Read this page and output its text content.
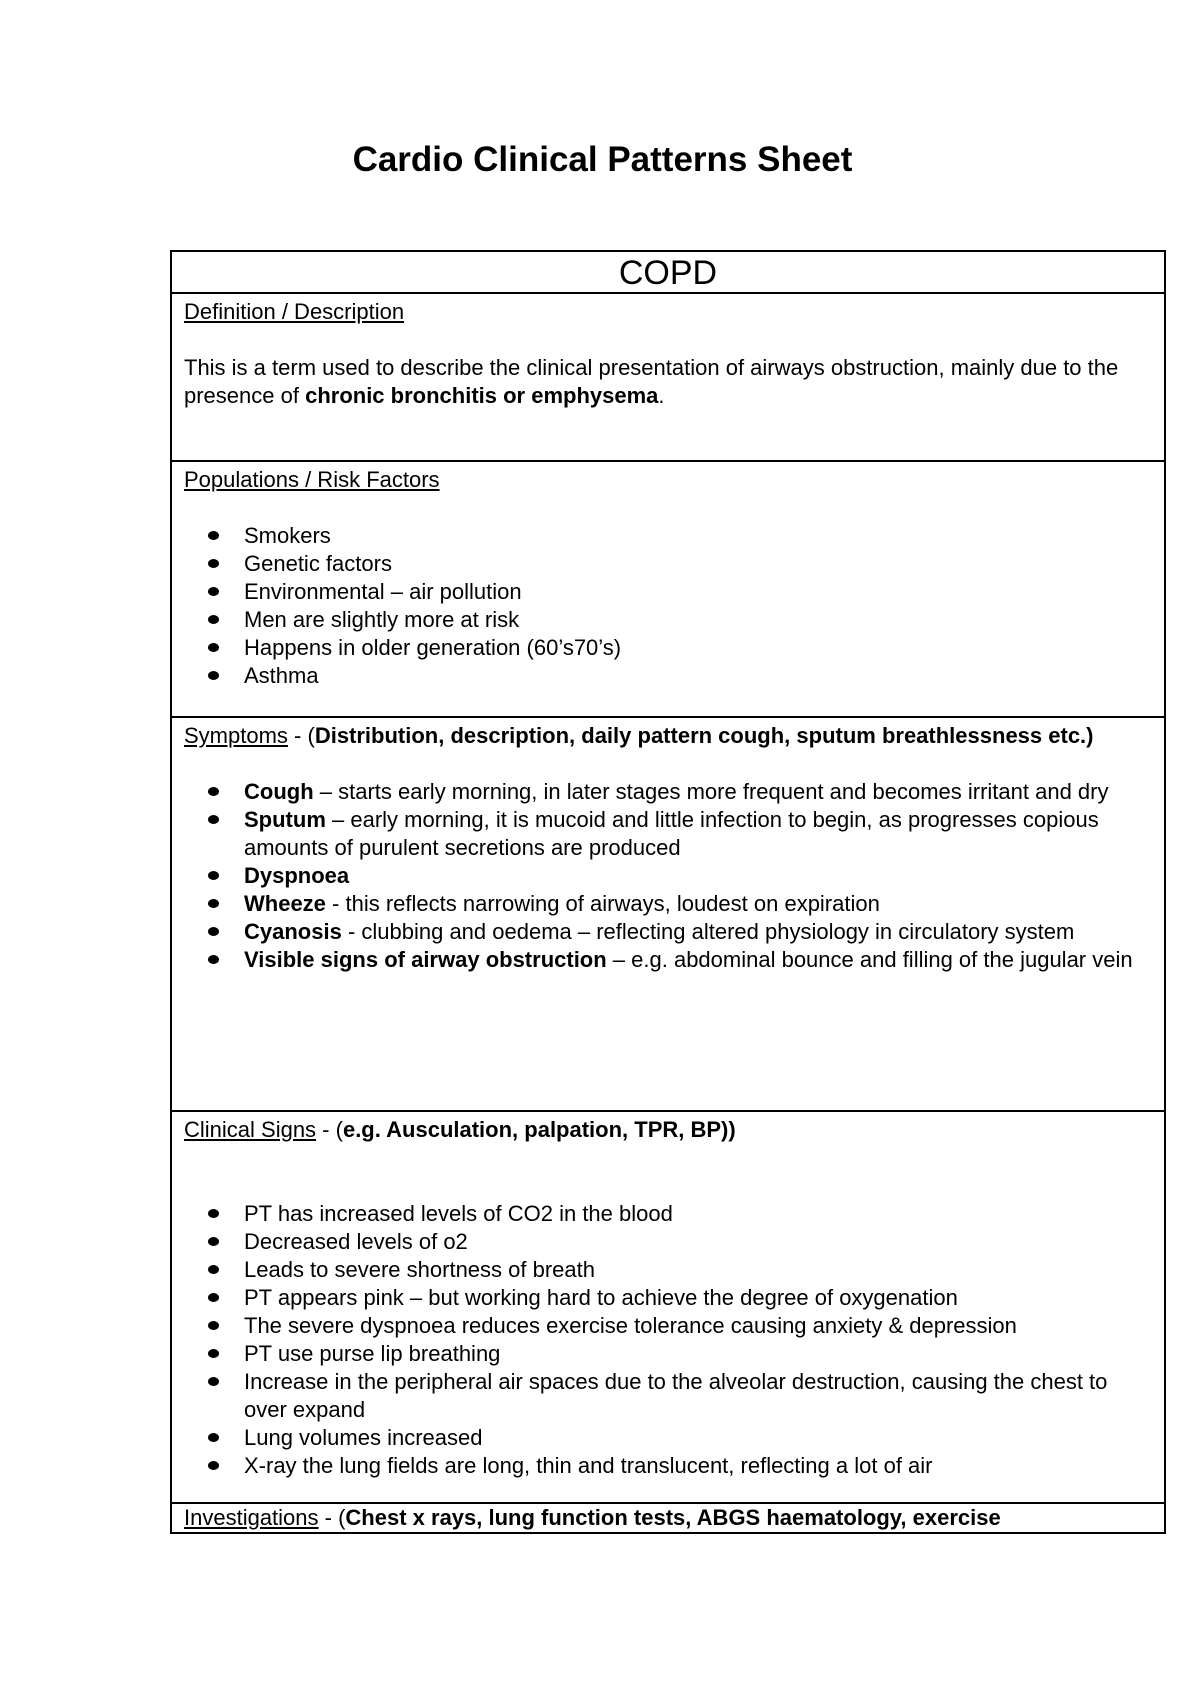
Cardio Clinical Patterns Sheet
COPD

Definition / Description
This is a term used to describe the clinical presentation of airways obstruction, mainly due to the presence of chronic bronchitis or emphysema.

Populations / Risk Factors
Smokers
Genetic factors
Environmental – air pollution
Men are slightly more at risk
Happens in older generation (60’s70’s)
Asthma

Symptoms - (Distribution, description, daily pattern cough, sputum breathlessness etc.)
Cough – starts early morning, in later stages more frequent and becomes irritant and dry
Sputum – early morning, it is mucoid and little infection to begin, as progresses copious amounts of purulent secretions are produced
Dyspnoea
Wheeze - this reflects narrowing of airways, loudest on expiration
Cyanosis - clubbing and oedema – reflecting altered physiology in circulatory system
Visible signs of airway obstruction – e.g. abdominal bounce and filling of the jugular vein

Clinical Signs - (e.g. Ausculation, palpation, TPR, BP))
PT has increased levels of CO2 in the blood
Decreased levels of o2
Leads to severe shortness of breath
PT appears pink – but working hard to achieve the degree of oxygenation
The severe dyspnoea reduces exercise tolerance causing anxiety & depression
PT use purse lip breathing
Increase in the peripheral air spaces due to the alveolar destruction, causing the chest to over expand
Lung volumes increased
X-ray the lung fields are long, thin and translucent, reflecting a lot of air

Investigations - (Chest x rays, lung function tests, ABGS haematology, exercise
